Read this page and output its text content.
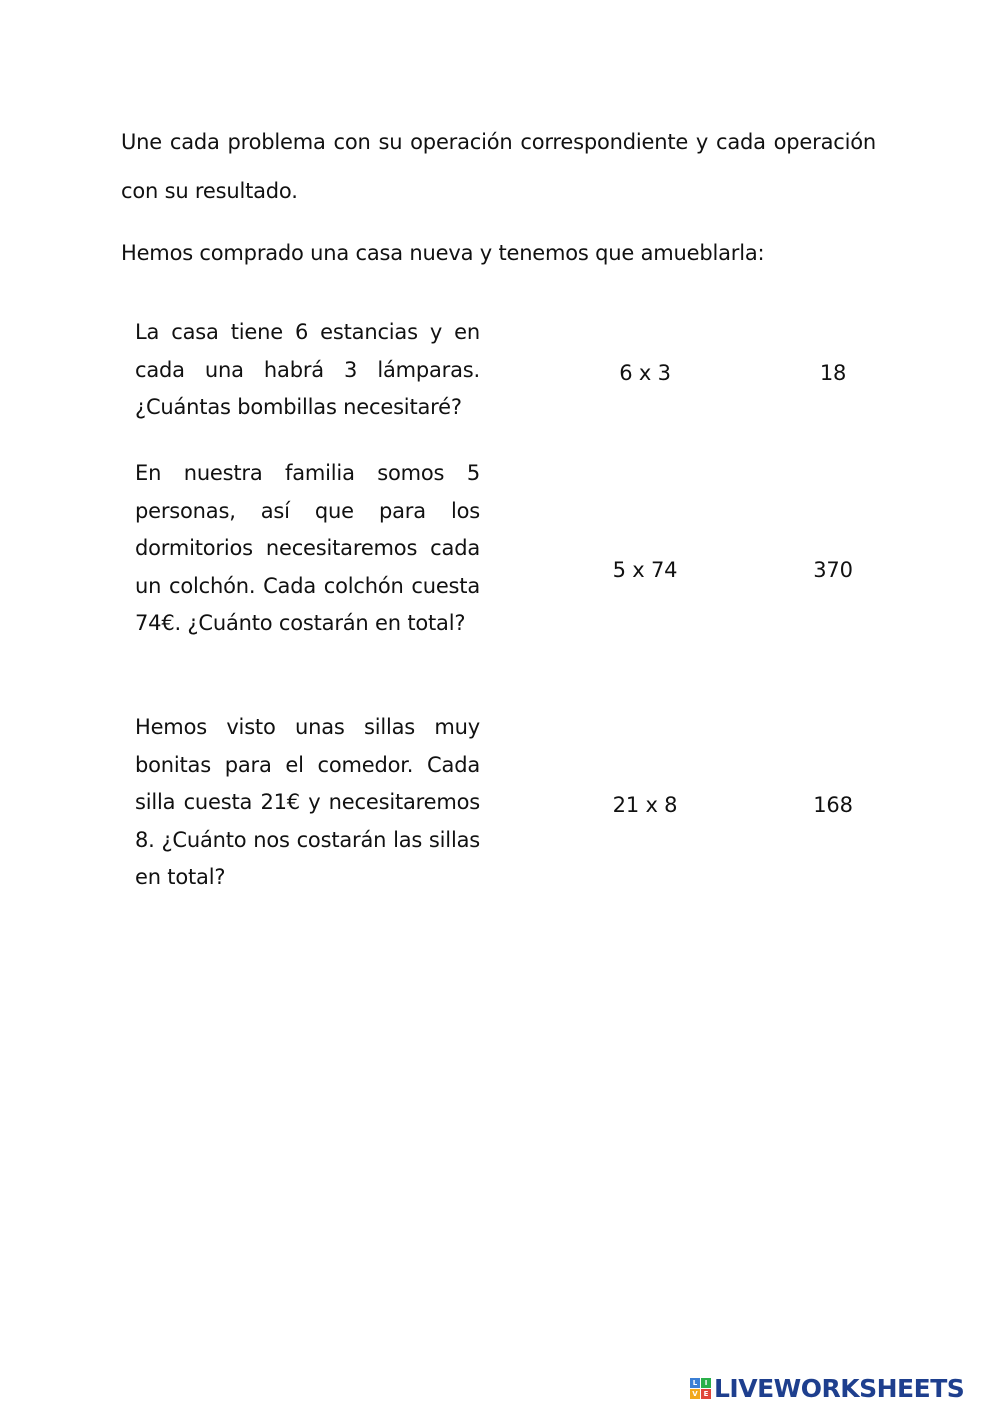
Une cada problema con su operación correspondiente y cada operación con su resultado.

Hemos comprado una casa nueva y tenemos que amueblarla:

La casa tiene 6 estancias y en cada una habrá 3 lámparas. ¿Cuántas bombillas necesitaré?

6 x 3	18

En nuestra familia somos 5 personas, así que para los dormitorios necesitaremos cada un colchón. Cada colchón cuesta 74€. ¿Cuánto costarán en total?

5 x 74	370

Hemos visto unas sillas muy bonitas para el comedor. Cada silla cuesta 21€ y necesitaremos 8. ¿Cuánto nos costarán las sillas en total?

21 x 8	168
L	I
V E LIVEWORKSHEETS
